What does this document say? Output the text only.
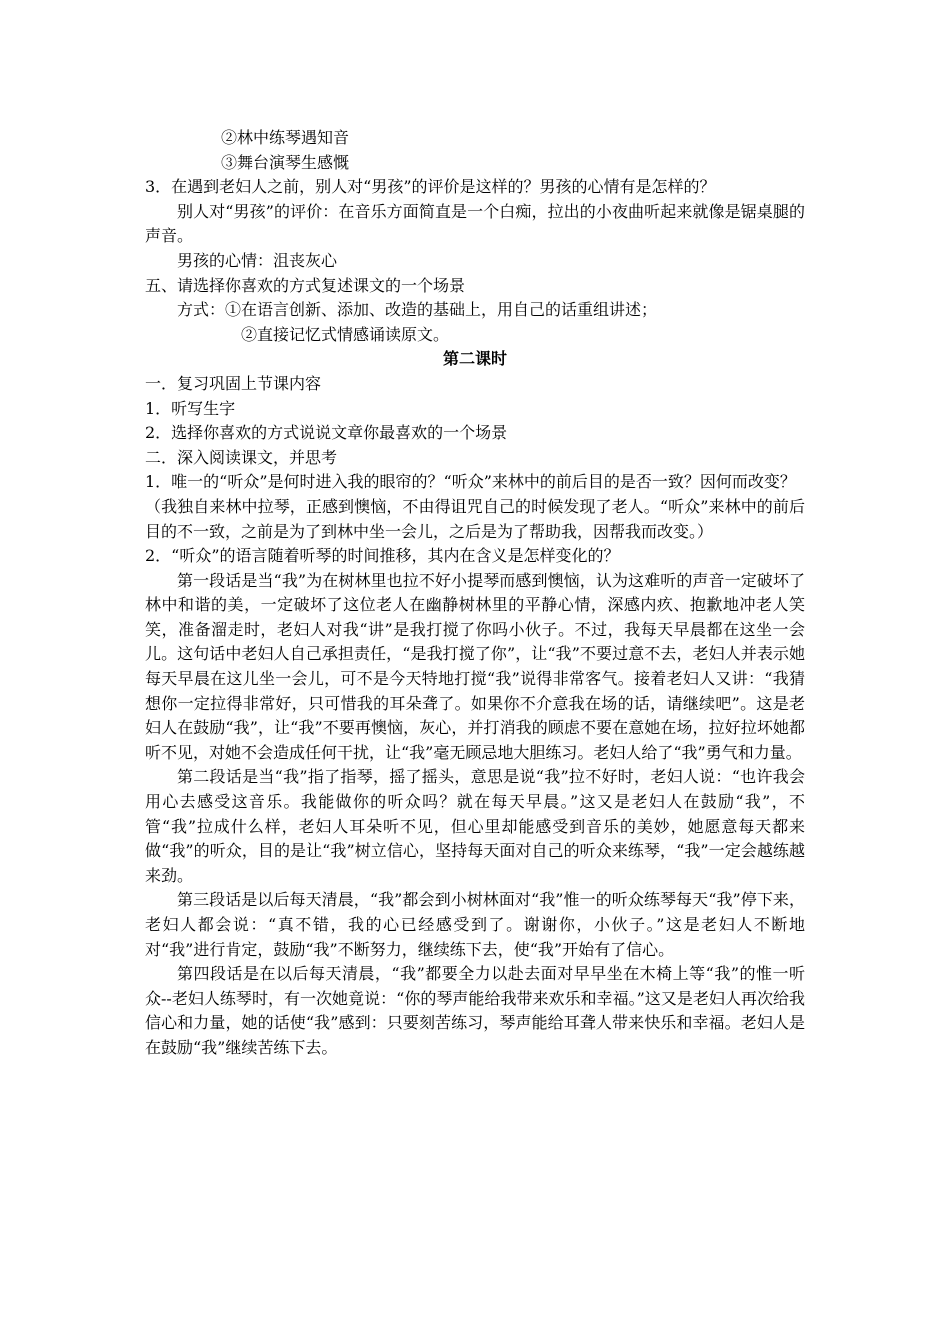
②林中练琴遇知音
③舞台演琴生感慨
3．在遇到老妇人之前，别人对“男孩”的评价是这样的？男孩的心情有是怎样的？
别人对“男孩”的评价：在音乐方面简直是一个白痴，拉出的小夜曲听起来就像是锯桌腿的声音。
男孩的心情：沮丧灰心
五、请选择你喜欢的方式复述课文的一个场景
方式：①在语言创新、添加、改造的基础上，用自己的话重组讲述；
②直接记忆式情感诵读原文。
第二课时
一．复习巩固上节课内容
1．听写生字
2．选择你喜欢的方式说说文章你最喜欢的一个场景
二．深入阅读课文，并思考
1．唯一的“听众”是何时进入我的眼帘的？“听众”来林中的前后目的是否一致？因何而改变？
（我独自来林中拉琴，正感到懊恼，不由得诅咒自己的时候发现了老人。“听众”来林中的前后目的不一致，之前是为了到林中坐一会儿，之后是为了帮助我，因帮我而改变。）
2．“听众”的语言随着听琴的时间推移，其内在含义是怎样变化的？

第一段话是当“我”为在树林里也拉不好小提琴而感到懊恼，认为这难听的声音一定破坏了林中和谐的美，一定破坏了这位老人在幽静树林里的平静心情，深感内疚、抱歉地冲老人笑笑，准备溜走时，老妇人对我“讲”是我打搅了你吗小伙子。不过，我每天早晨都在这坐一会儿。这句话中老妇人自己承担责任，“是我打搅了你”，让“我”不要过意不去，老妇人并表示她每天早晨在这儿坐一会儿，可不是今天特地打搅“我”说得非常客气。接着老妇人又讲：“我猜想你一定拉得非常好，只可惜我的耳朵聋了。如果你不介意我在场的话，请继续吧”。这是老妇人在鼓励“我”，让“我”不要再懊恼，灰心，并打消我的顾虑不要在意她在场，拉好拉坏她都听不见，对她不会造成任何干扰，让“我”毫无顾忌地大胆练习。老妇人给了“我”勇气和力量。

第二段话是当“我”指了指琴，摇了摇头，意思是说“我”拉不好时，老妇人说：“也许我会用心去感受这音乐。我能做你的听众吗？就在每天早晨。”这又是老妇人在鼓励“我”，不管“我”拉成什么样，老妇人耳朵听不见，但心里却能感受到音乐的美妙，她愿意每天都来做“我”的听众，目的是让“我”树立信心，坚持每天面对自己的听众来练琴，“我”一定会越练越来劲。

第三段话是以后每天清晨，“我”都会到小树林面对“我”惟一的听众练琴每天“我”停下来，老妇人都会说：“真不错，我的心已经感受到了。谢谢你，小伙子。”这是老妇人不断地对“我”进行肯定，鼓励“我”不断努力，继续练下去，使“我”开始有了信心。

第四段话是在以后每天清晨，“我”都要全力以赴去面对早早坐在木椅上等“我”的惟一听众--老妇人练琴时，有一次她竟说：“你的琴声能给我带来欢乐和幸福。”这又是老妇人再次给我信心和力量，她的话使“我”感到：只要刻苦练习，琴声能给耳聋人带来快乐和幸福。老妇人是在鼓励“我”继续苦练下去。
